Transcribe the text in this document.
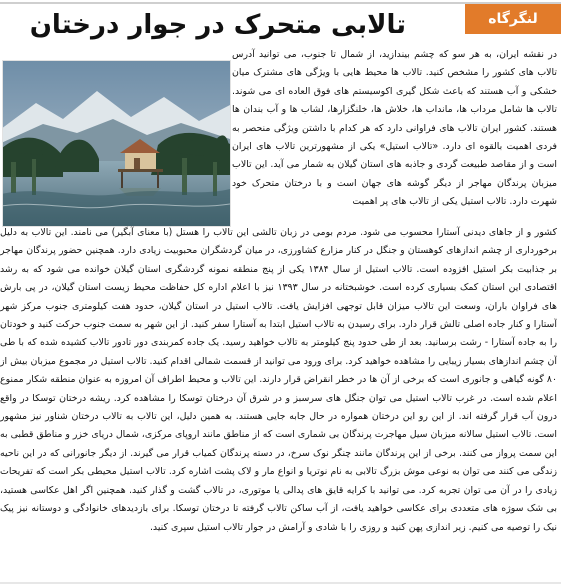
لنگرگاه
تالابی متحرک در جوار درختان

در نقشه ایران، به هر سو که چشم بیندازید، از شمال تا جنوب، می توانید آدرس تالاب های کشور را مشخص کنید. تالاب ها محیط هایی با ویژگی های مشترک میان خشکی و آب هستند که باعث شکل گیری اکوسیستم های فوق العاده ای می شوند. تالاب ها شامل مرداب ها، مانداب ها، خلاش ها، خلنگزارها، لشاب ها و آب بندان ها هستند. کشور ایران تالاب های فراوانی دارد که هر کدام با داشتن ویژگی منحصر به فردی اهمیت بالقوه ای دارد. «تالاب استیل» یکی از مشهورترین تالاب های ایران است و از مقاصد طبیعت گردی و جاذبه های استان گیلان به شمار می آید. این تالاب میزبان پرندگان مهاجر از دیگر گوشه های جهان است و با درختان متحرک خود شهرت دارد. تالاب استیل یکی از تالاب های پر اهمیت

کشور و از جاهای دیدنی آستارا محسوب می شود. مردم بومی در زبان تالشی این تالاب را هستل (با معنای آبگیر) می نامند. این تالاب به دلیل برخورداری از چشم اندازهای کوهستان و جنگل در کنار مزارع کشاورزی، در میان گردشگران محبوبیت زیادی دارد. همچنین حضور پرندگان مهاجر بر جذابیت بکر استیل افزوده است. تالاب استیل از سال ۱۳۸۴ یکی از پنج منطقه نمونه گردشگری استان گیلان خوانده می شود که به رشد اقتصادی این استان کمک بسیاری کرده است. خوشبختانه در سال ۱۳۹۳ نیز با اعلام اداره کل حفاظت محیط زیست استان گیلان، در پی بارش های فراوان باران، وسعت این تالاب میزان قابل توجهی افزایش یافت. تالاب استیل در استان گیلان، حدود هفت کیلومتری جنوب مرکز شهر آستارا و کنار جاده اصلی تالش قرار دارد. برای رسیدن به تالاب استیل ابتدا به آستارا سفر کنید. از این شهر به سمت جنوب حرکت کنید و خودتان را به جاده آستارا - رشت برسانید. بعد از طی حدود پنج کیلومتر به تالاب خواهید رسید. یک جاده کمربندی دور تادور تالاب کشیده شده که با طی آن چشم اندازهای بسیار زیبایی را مشاهده خواهید کرد. برای ورود می توانید از قسمت شمالی اقدام کنید. تالاب استیل در مجموع میزبان بیش از ۸۰ گونه گیاهی و جانوری است که برخی از آن ها در خطر انقراض قرار دارند. این تالاب و محیط اطراف آن امروزه به عنوان منطقه شکار ممنوع اعلام شده است. در غرب تالاب استیل می توان جنگل های سرسبز و در شرق آن درختان توسکا را مشاهده کرد. ریشه درختان توسکا در واقع درون آب قرار گرفته اند. از این رو این درختان همواره در حال جابه جایی هستند. به همین دلیل، این تالاب به تالاب درختان شناور نیز مشهور است. تالاب استیل سالانه میزبان سیل مهاجرت پرندگان بی شماری است که از مناطق مانند اروپای مرکزی، شمال دریای خزر و مناطق قطبی به این سمت پرواز می کنند. برخی از این پرندگان مانند چنگر نوک سرخ، در دسته پرندگان کمیاب قرار می گیرند. از دیگر جانورانی که در این ناحیه زندگی می کنند می توان به نوعی موش بزرگ تالابی به نام نوتریا و انواع مار و لاک پشت اشاره کرد. تالاب استیل محیطی بکر است که تفریحات زیادی را در آن می توان تجربه کرد. می توانید با کرایه قایق های پدالی یا موتوری، در تالاب گشت و گذار کنید. همچنین اگر اهل عکاسی هستید، بی شک سوژه های متعددی برای عکاسی خواهید یافت، از آب ساکن تالاب گرفته تا درختان توسکا. برای بازدیدهای خانوادگی و دوستانه نیز پیک نیک را توصیه می کنیم. زیر اندازی پهن کنید و روزی را با شادی و آرامش در جوار تالاب استیل سپری کنید.
